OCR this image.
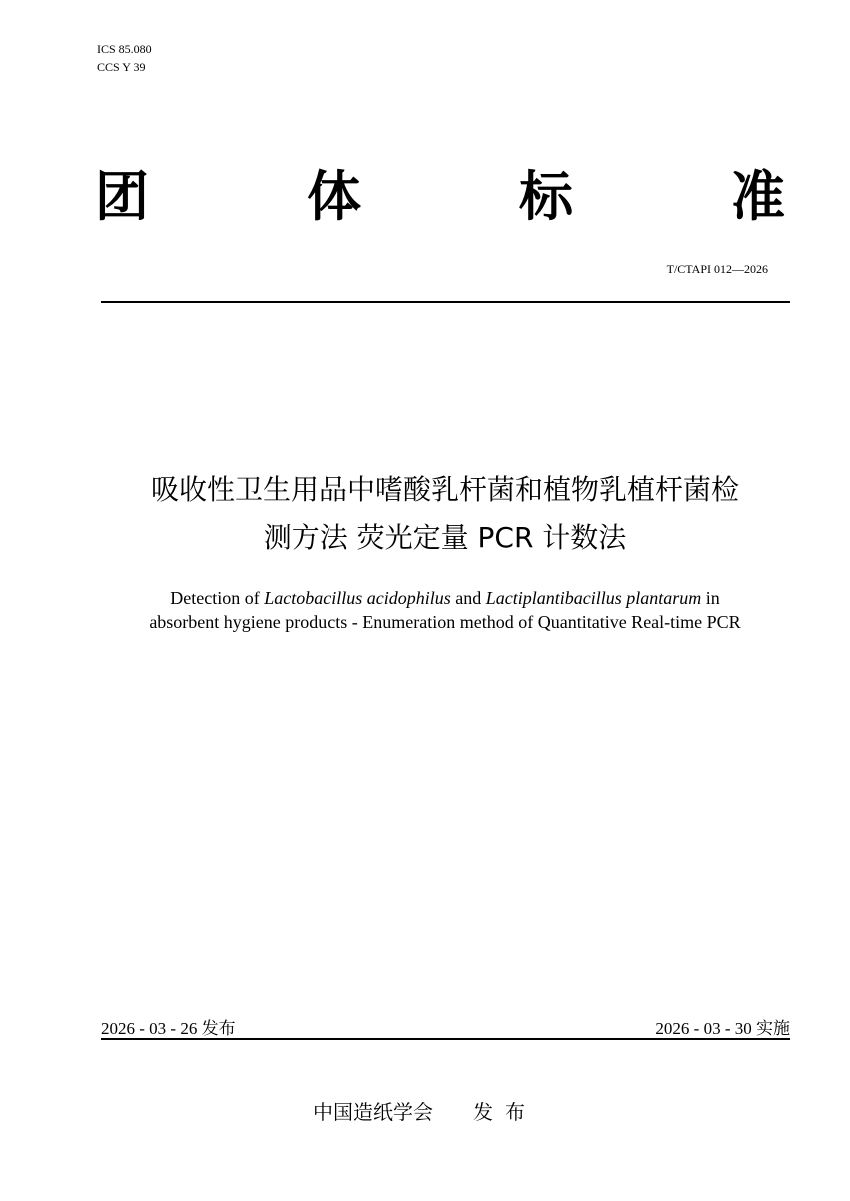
ICS 85.080
CCS Y 39
团	体	标	准
T/CTAPI 012—2026
吸收性卫生用品中嗜酸乳杆菌和植物乳植杆菌检
测方法 荧光定量 PCR 计数法
Detection of Lactobacillus acidophilus and Lactiplantibacillus plantarum in
absorbent hygiene products - Enumeration method of Quantitative Real-time PCR
2026 - 03 - 26 发布	2026 - 03 - 30 实施
中国造纸学会 发布
